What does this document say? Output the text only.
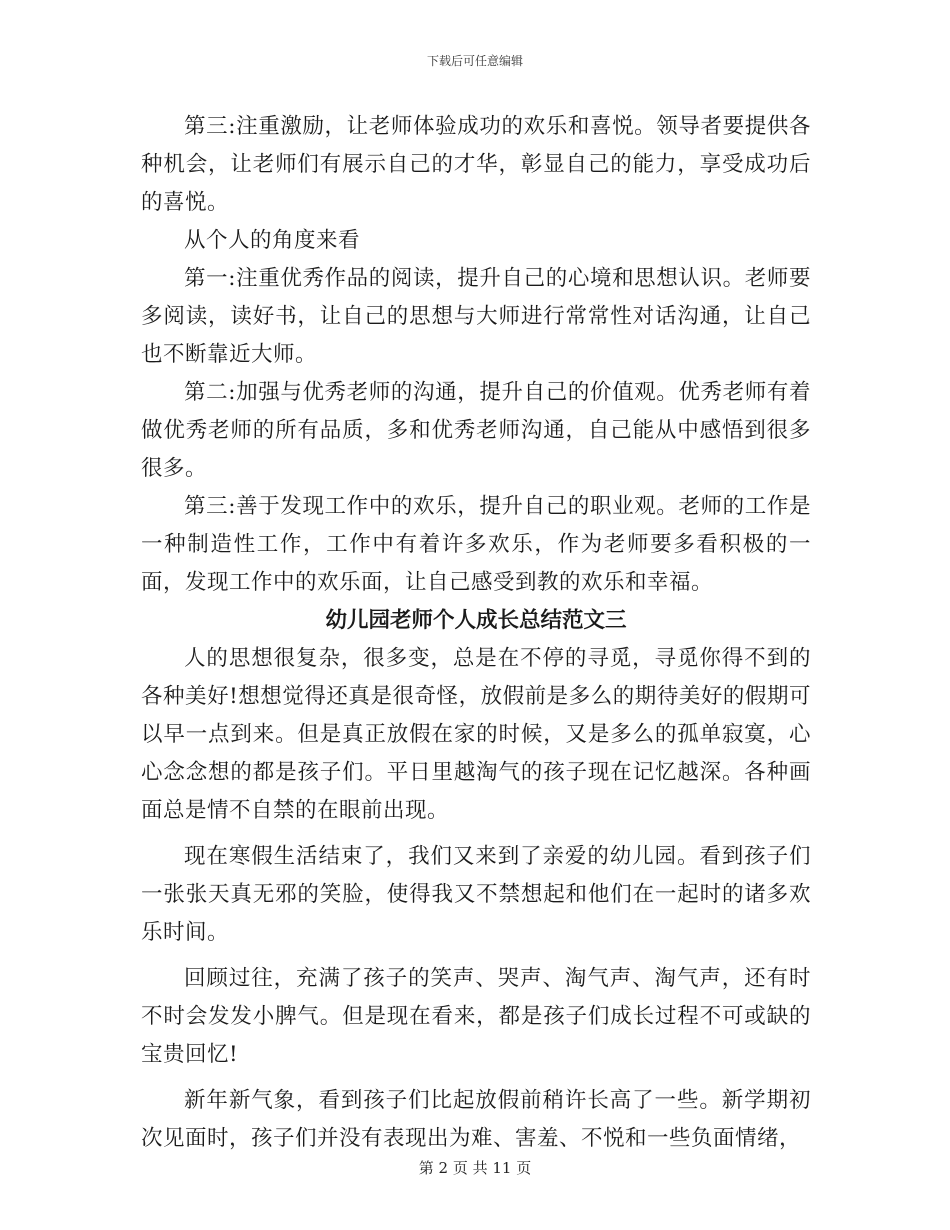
下载后可任意编辑

第三:注重激励，让老师体验成功的欢乐和喜悦。领导者要提供各种机会，让老师们有展示自己的才华，彰显自己的能力，享受成功后的喜悦。

从个人的角度来看

第一:注重优秀作品的阅读，提升自己的心境和思想认识。老师要多阅读，读好书，让自己的思想与大师进行常常性对话沟通，让自己也不断靠近大师。

第二:加强与优秀老师的沟通，提升自己的价值观。优秀老师有着做优秀老师的所有品质，多和优秀老师沟通，自己能从中感悟到很多很多。

第三:善于发现工作中的欢乐，提升自己的职业观。老师的工作是一种制造性工作，工作中有着许多欢乐，作为老师要多看积极的一面，发现工作中的欢乐面，让自己感受到教的欢乐和幸福。

幼儿园老师个人成长总结范文三

人的思想很复杂，很多变，总是在不停的寻觅，寻觅你得不到的各种美好!想想觉得还真是很奇怪，放假前是多么的期待美好的假期可以早一点到来。但是真正放假在家的时候，又是多么的孤单寂寞，心心念念想的都是孩子们。平日里越淘气的孩子现在记忆越深。各种画面总是情不自禁的在眼前出现。

现在寒假生活结束了，我们又来到了亲爱的幼儿园。看到孩子们一张张天真无邪的笑脸，使得我又不禁想起和他们在一起时的诸多欢乐时间。

回顾过往，充满了孩子的笑声、哭声、淘气声、淘气声，还有时不时会发发小脾气。但是现在看来，都是孩子们成长过程不可或缺的宝贵回忆!

新年新气象，看到孩子们比起放假前稍许长高了一些。新学期初次见面时，孩子们并没有表现出为难、害羞、不悦和一些负面情绪，

第 2 页 共 11 页
